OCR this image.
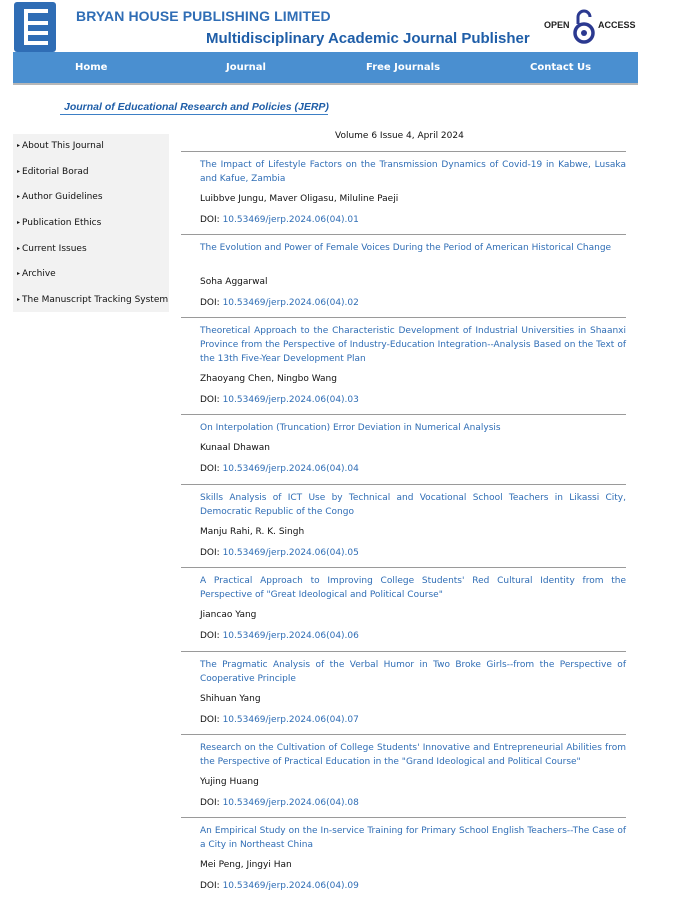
BRYAN HOUSE PUBLISHING LIMITED
Multidisciplinary Academic Journal Publisher
OPEN	ACCESS
Home	Journal	Free Journals	Contact Us
Journal of Educational Research and Policies (JERP)
▸ About This Journal
▸ Editorial Borad
▸ Author Guidelines
▸ Publication Ethics
▸ Current Issues
▸ Archive
▸ The Manuscript Tracking System
Volume 6 Issue 4, April 2024
The Impact of Lifestyle Factors on the Transmission Dynamics of Covid-19 in Kabwe, Lusaka and Kafue, Zambia
Luibbve Jungu, Maver Oligasu, Miluline Paeji
DOI: 10.53469/jerp.2024.06(04).01
The Evolution and Power of Female Voices During the Period of American Historical Change
Soha Aggarwal
DOI: 10.53469/jerp.2024.06(04).02
Theoretical Approach to the Characteristic Development of Industrial Universities in Shaanxi Province from the Perspective of Industry-Education Integration--Analysis Based on the Text of the 13th Five-Year Development Plan
Zhaoyang Chen, Ningbo Wang
DOI: 10.53469/jerp.2024.06(04).03
On Interpolation (Truncation) Error Deviation in Numerical Analysis
Kunaal Dhawan
DOI: 10.53469/jerp.2024.06(04).04
Skills Analysis of ICT Use by Technical and Vocational School Teachers in Likassi City, Democratic Republic of the Congo
Manju Rahi, R. K. Singh
DOI: 10.53469/jerp.2024.06(04).05
A Practical Approach to Improving College Students' Red Cultural Identity from the Perspective of "Great Ideological and Political Course"
Jiancao Yang
DOI: 10.53469/jerp.2024.06(04).06
The Pragmatic Analysis of the Verbal Humor in Two Broke Girls--from the Perspective of Cooperative Principle
Shihuan Yang
DOI: 10.53469/jerp.2024.06(04).07
Research on the Cultivation of College Students' Innovative and Entrepreneurial Abilities from the Perspective of Practical Education in the "Grand Ideological and Political Course"
Yujing Huang
DOI: 10.53469/jerp.2024.06(04).08
An Empirical Study on the In-service Training for Primary School English Teachers--The Case of a City in Northeast China
Mei Peng, Jingyi Han
DOI: 10.53469/jerp.2024.06(04).09
